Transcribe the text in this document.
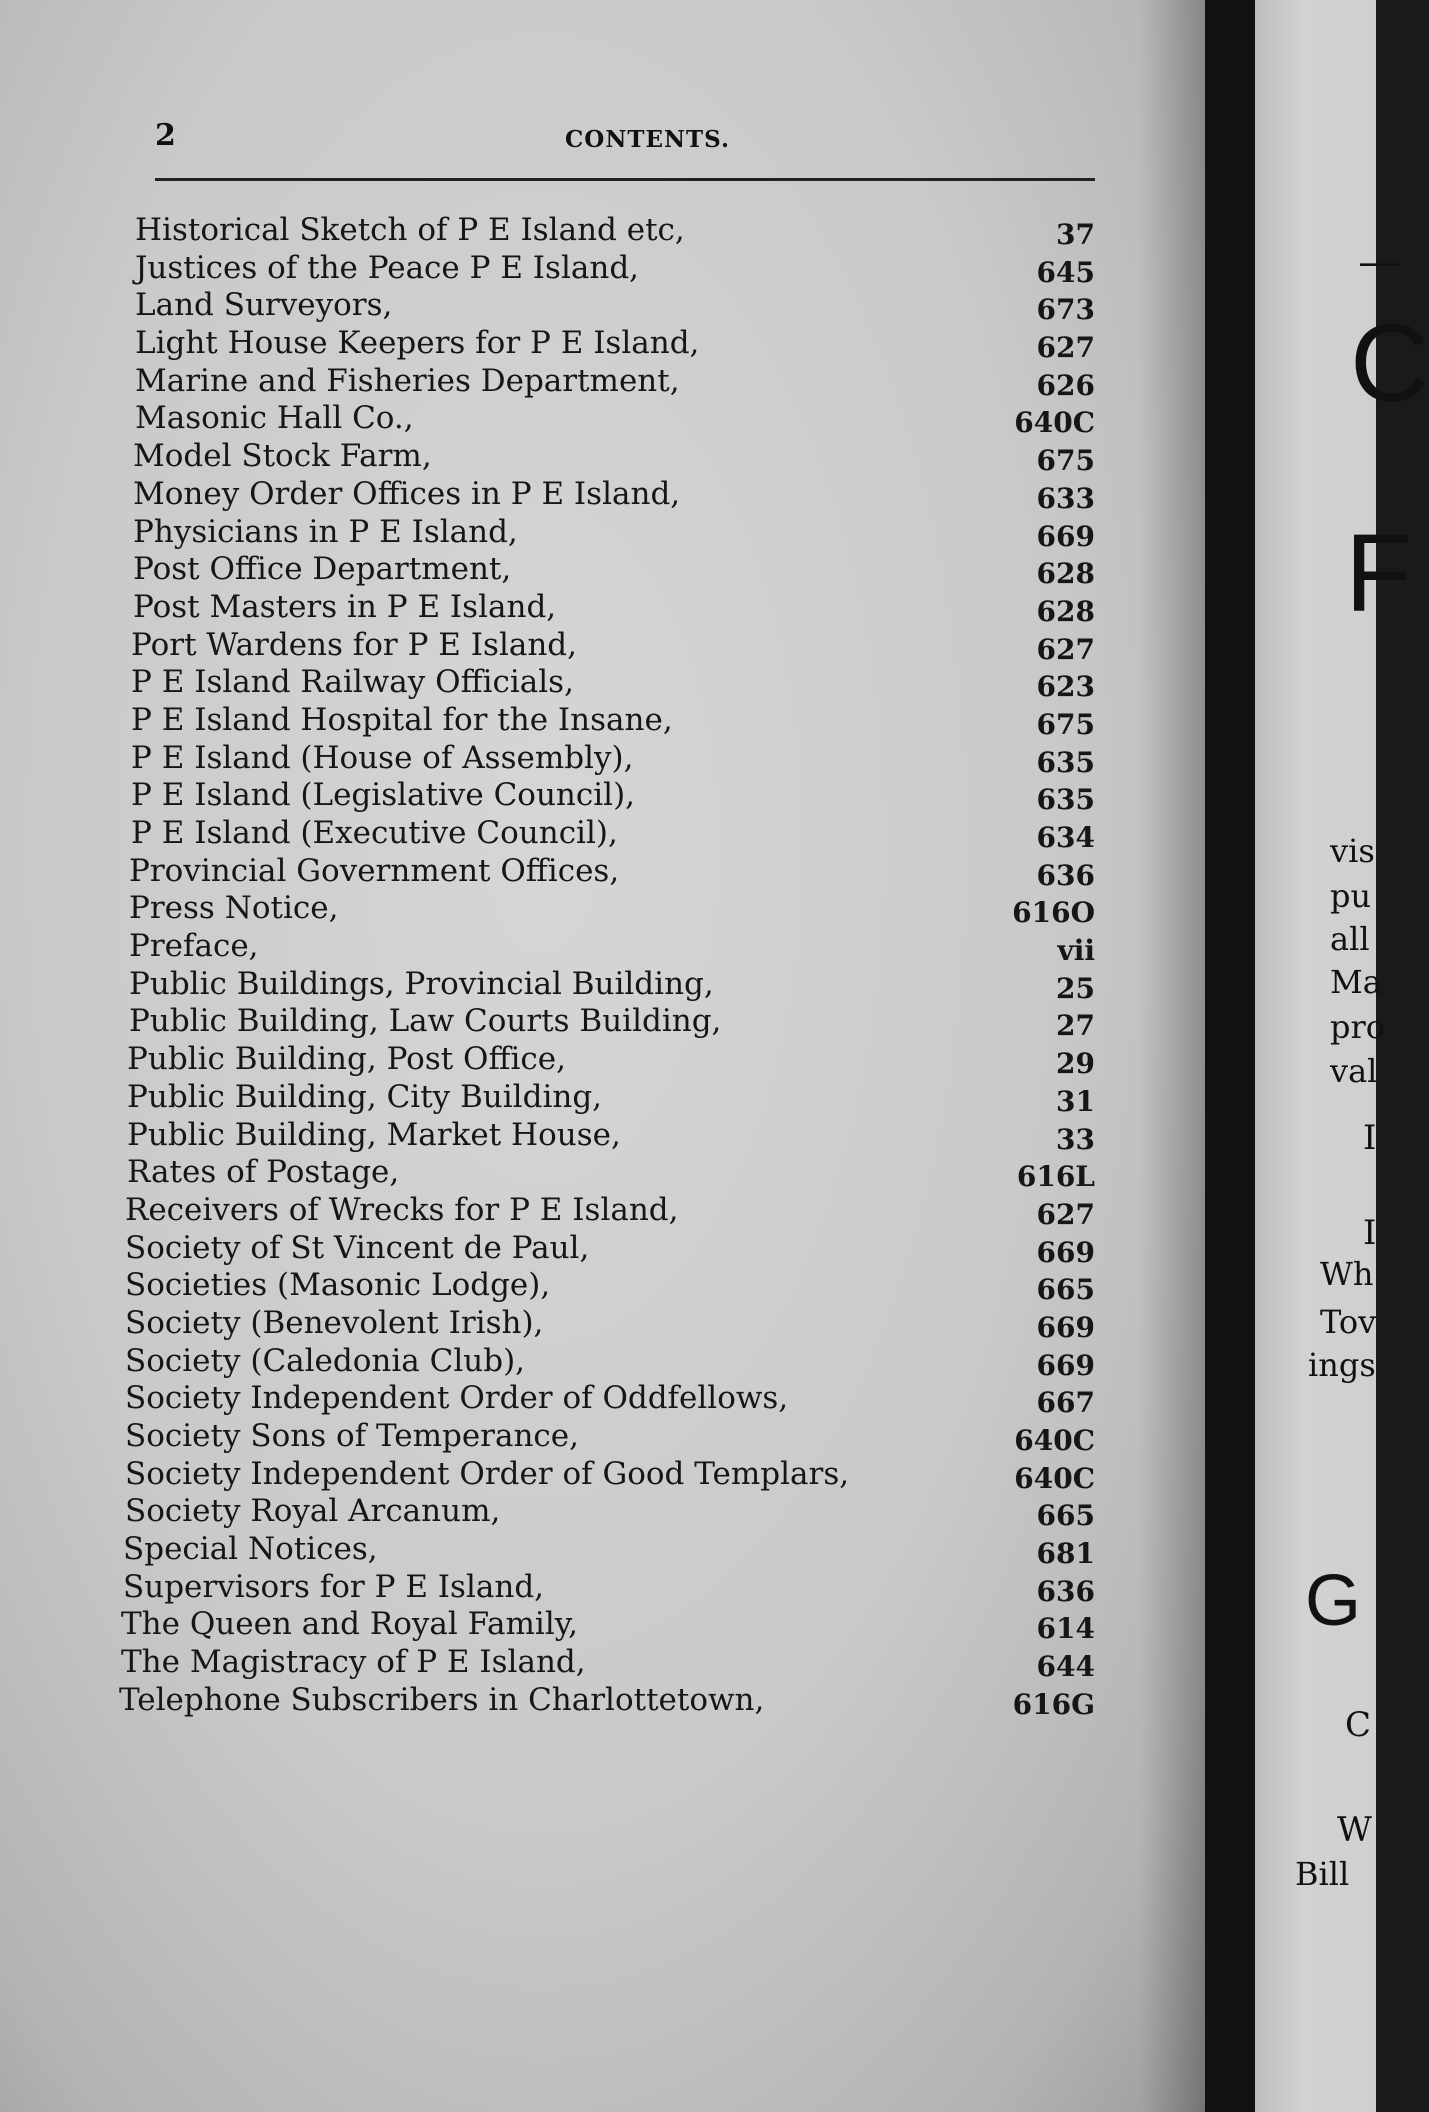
2	CONTENTS.
Historical Sketch of P E Island etc,	37
Justices of the Peace P E Island,	645
Land Surveyors,	673
Light House Keepers for P E Island,	627
Marine and Fisheries Department,	626
Masonic Hall Co.,	640C
Model Stock Farm,	675
Money Order Offices in P E Island,	633
Physicians in P E Island,	669
Post Office Department,	628
Post Masters in P E Island,	628
Port Wardens for P E Island,	627
P E Island Railway Officials,	623
P E Island Hospital for the Insane,	675
P E Island (House of Assembly),	635
P E Island (Legislative Council),	635
P E Island (Executive Council),	634
Provincial Government Offices,	636
Press Notice,	616O
Preface,	vii
Public Buildings, Provincial Building,	25
Public Building, Law Courts Building,	27
Public Building, Post Office,	29
Public Building, City Building,	31
Public Building, Market House,	33
Rates of Postage,	616L
Receivers of Wrecks for P E Island,	627
Society of St Vincent de Paul,	669
Societies (Masonic Lodge),	665
Society (Benevolent Irish),	669
Society (Caledonia Club),	669
Society Independent Order of Oddfellows,	667
Society Sons of Temperance,	640C
Society Independent Order of Good Templars,	640C
Society Royal Arcanum,	665
Special Notices,	681
Supervisors for P E Island,	636
The Queen and Royal Family,	614
The Magistracy of P E Island,	644
Telephone Subscribers in Charlottetown,	616G
—
C
F
vis
pu
all
Ma
pro
val
I
I
Wh
Tov
ings
G
C
W
Bill
